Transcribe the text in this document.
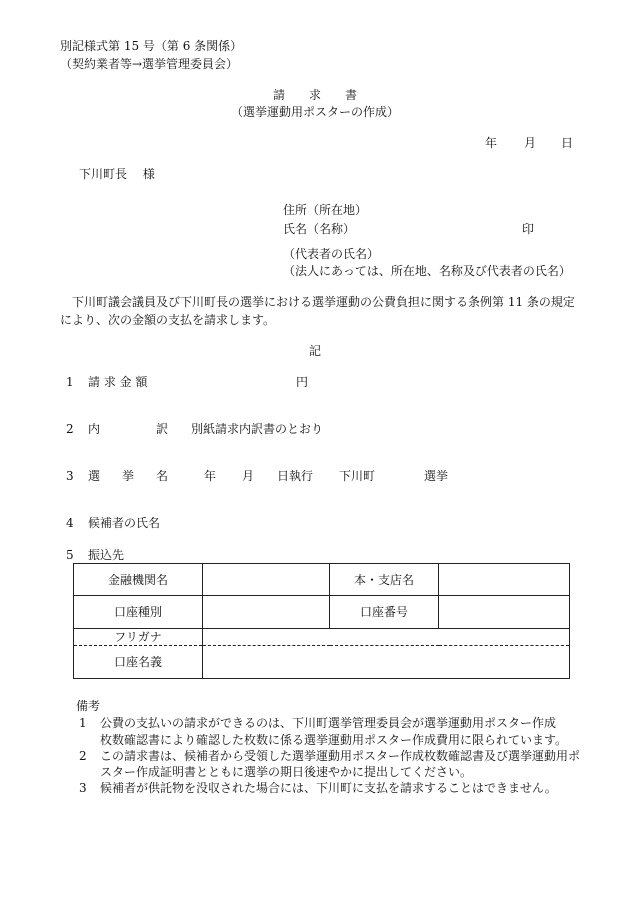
別記様式第 15 号（第 6 条関係）
（契約業者等→選挙管理委員会）
請　　求　　書
（選挙運動用ポスターの作成）
年 月 日
下川町長　 様
住所（所在地）
氏名（名称）	印
（代表者の氏名）
（法人にあっては、所在地、名称及び代表者の氏名）
下川町議会議員及び下川町長の選挙における選挙運動の公費負担に関する条例第 11 条の規定
により、次の金額の支払を請求します。
記
1 請 求 金 額	円
2 内	訳 別紙請求内訳書のとおり
3 選 挙 名	年 月 日執行 下川町	選挙
4 候補者の氏名
5 振込先
金融機関名		本・支店名	
口座種別		口座番号	
フリガナ			
口座名義			
備考
1 公費の支払いの請求ができるのは、下川町選挙管理委員会が選挙運動用ポスター作成
枚数確認書により確認した枚数に係る選挙運動用ポスター作成費用に限られています。
2 この請求書は、候補者から受領した選挙運動用ポスター作成枚数確認書及び選挙運動用ポ
スター作成証明書とともに選挙の期日後速やかに提出してください。
3 候補者が供託物を没収された場合には、下川町に支払を請求することはできません。
